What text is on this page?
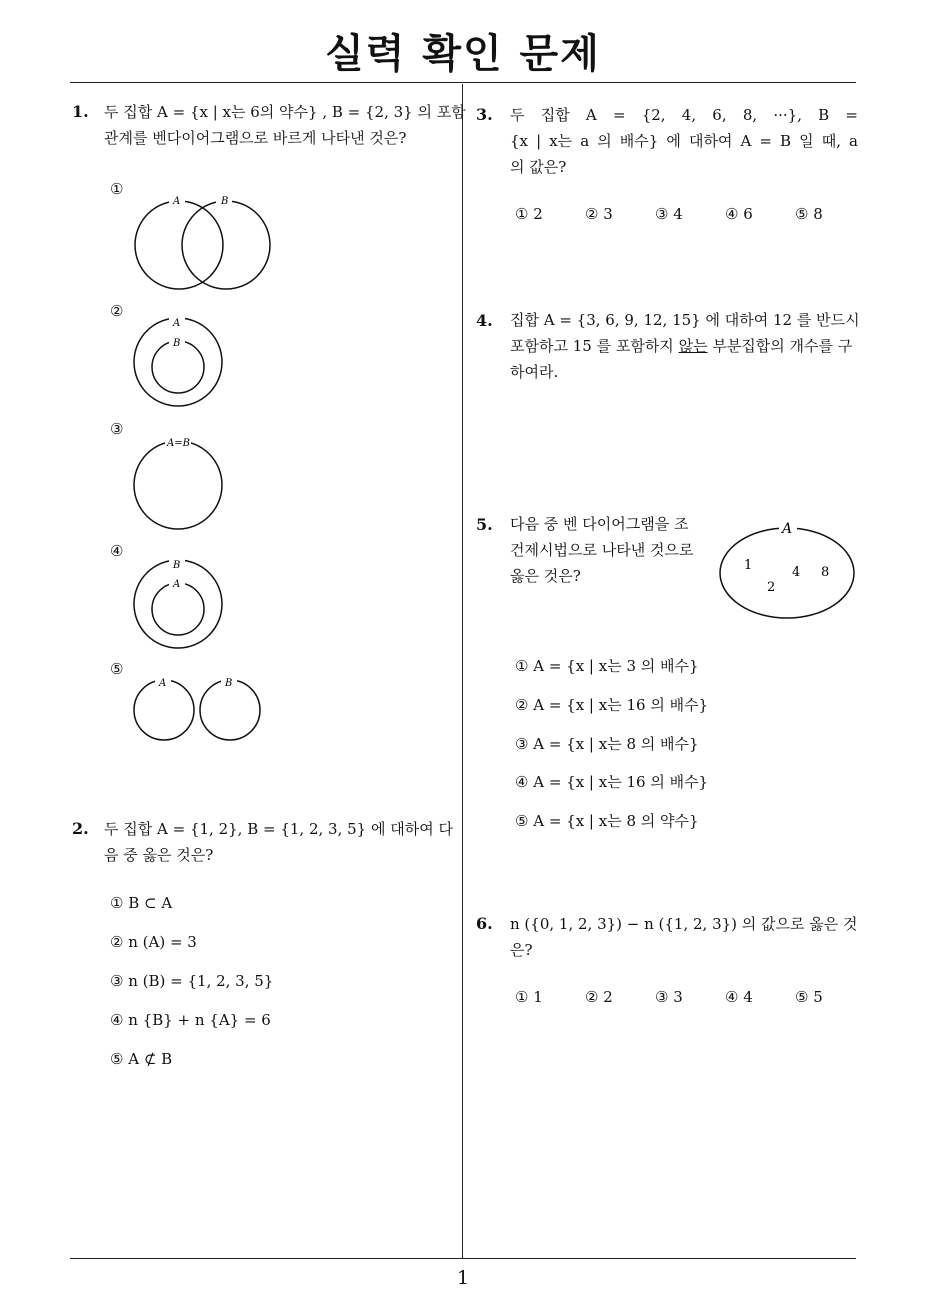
실력 확인 문제
1
1. 두 집합 A = {x | x는 6의 약수} , B = {2, 3} 의 포함
관계를 벤다이어그램으로 바르게 나타낸 것은?
①
A	B
②
A
B
③
A=B
④
B
A
⑤
A	B
2. 두 집합 A = {1, 2}, B = {1, 2, 3, 5} 에 대하여 다
음 중 옳은 것은?
① B ⊂ A
② n (A) = 3
③ n (B) = {1, 2, 3, 5}
④ n {B} + n {A} = 6
⑤ A ⊄ B
3. 두 집합 A = {2, 4, 6, 8, ···}, B =
{x | x는 a 의 배수} 에 대하여 A = B 일 때, a
의 값은?
① 2	② 3	③ 4	④ 6	⑤ 8
4. 집합 A = {3, 6, 9, 12, 15} 에 대하여 12 를 반드시
포함하고 15 를 포함하지 않는 부분집합의 개수를 구
하여라.
5. 다음 중 벤 다이어그램을 조
건제시법으로 나타낸 것으로
옳은 것은?
A
1
2
4 8
① A = {x | x는 3 의 배수}
② A = {x | x는 16 의 배수}
③ A = {x | x는 8 의 배수}
④ A = {x | x는 16 의 배수}
⑤ A = {x | x는 8 의 약수}
6. n ({0, 1, 2, 3}) − n ({1, 2, 3}) 의 값으로 옳은 것
은?
① 1	② 2	③ 3	④ 4	⑤ 5
